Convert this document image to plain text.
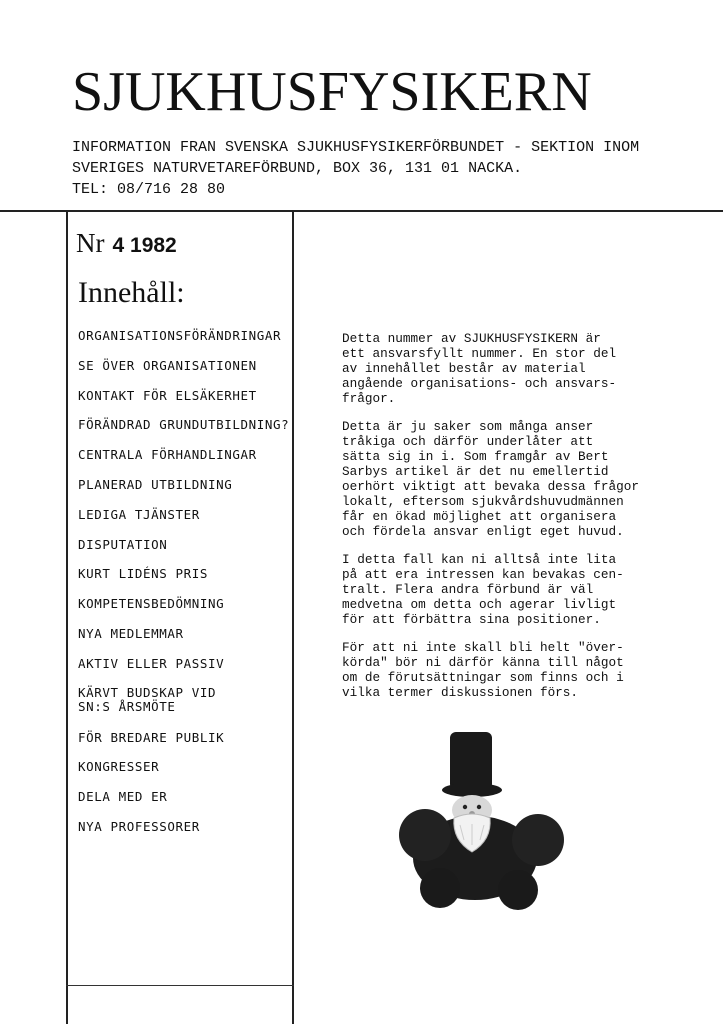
SJUKHUSFYSIKERN
INFORMATION FRAN SVENSKA SJUKHUSFYSIKERFÖRBUNDET - SEKTION INOM
SVERIGES NATURVETAREFÖRBUND, BOX 36, 131 01 NACKA.
TEL: 08/716 28 80
Nr 4 1982
Innehåll:
ORGANISATIONSFÖRÄNDRINGAR
SE ÖVER ORGANISATIONEN
KONTAKT FÖR ELSÄKERHET
FÖRÄNDRAD GRUNDUTBILDNING?
CENTRALA FÖRHANDLINGAR
PLANERAD UTBILDNING
LEDIGA TJÄNSTER
DISPUTATION
KURT LIDÉNS PRIS
KOMPETENSBEDÖMNING
NYA MEDLEMMAR
AKTIV ELLER PASSIV
KÄRVT BUDSKAP VID
SN:S ÅRSMÖTE
FÖR BREDARE PUBLIK
KONGRESSER
DELA MED ER
NYA PROFESSORER

Detta nummer av SJUKHUSFYSIKERN är
ett ansvarsfyllt nummer. En stor del
av innehållet består av material
angående organisations- och ansvars-
frågor.

Detta är ju saker som många anser
tråkiga och därför underlåter att
sätta sig in i. Som framgår av Bert
Sarbys artikel är det nu emellertid
oerhört viktigt att bevaka dessa frågor
lokalt, eftersom sjukvårdshuvudmännen
får en ökad möjlighet att organisera
och fördela ansvar enligt eget huvud.

I detta fall kan ni alltså inte lita
på att era intressen kan bevakas cen-
tralt. Flera andra förbund är väl
medvetna om detta och agerar livligt
för att förbättra sina positioner.

För att ni inte skall bli helt "över-
körda" bör ni därför känna till något
om de förutsättningar som finns och i
vilka termer diskussionen förs.
